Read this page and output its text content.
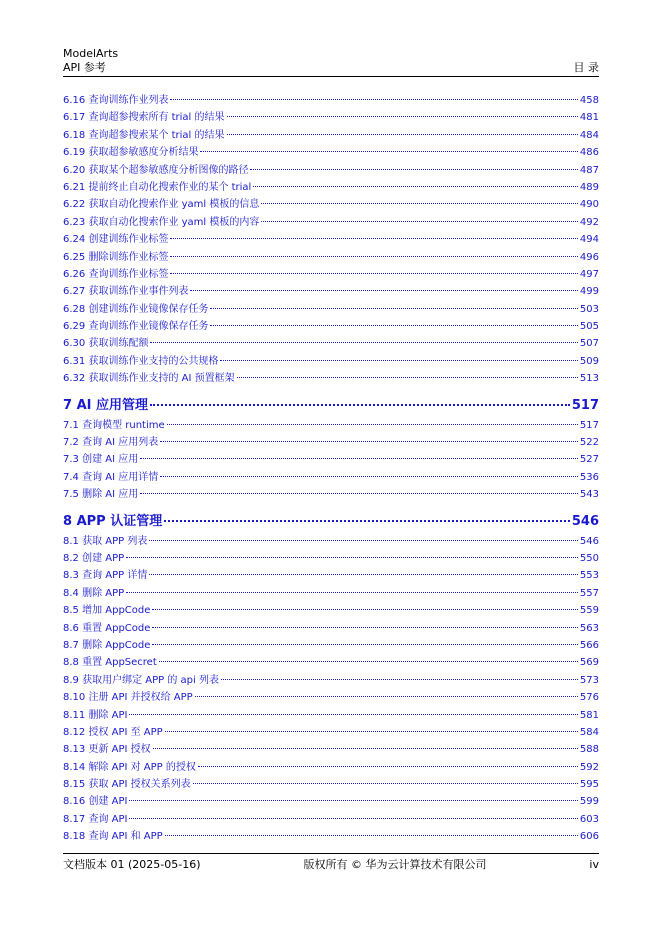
ModelArts
API 参考	目 录
6.16 查询训练作业列表	458
6.17 查询超参搜索所有 trial 的结果	481
6.18 查询超参搜索某个 trial 的结果	484
6.19 获取超参敏感度分析结果	486
6.20 获取某个超参敏感度分析图像的路径	487
6.21 提前终止自动化搜索作业的某个 trial	489
6.22 获取自动化搜索作业 yaml 模板的信息	490
6.23 获取自动化搜索作业 yaml 模板的内容	492
6.24 创建训练作业标签	494
6.25 删除训练作业标签	496
6.26 查询训练作业标签	497
6.27 获取训练作业事件列表	499
6.28 创建训练作业镜像保存任务	503
6.29 查询训练作业镜像保存任务	505
6.30 获取训练配额	507
6.31 获取训练作业支持的公共规格	509
6.32 获取训练作业支持的 AI 预置框架	513
7 AI 应用管理	517
7.1 查询模型 runtime	517
7.2 查询 AI 应用列表	522
7.3 创建 AI 应用	527
7.4 查询 AI 应用详情	536
7.5 删除 AI 应用	543
8 APP 认证管理	546
8.1 获取 APP 列表	546
8.2 创建 APP	550
8.3 查询 APP 详情	553
8.4 删除 APP	557
8.5 增加 AppCode	559
8.6 重置 AppCode	563
8.7 删除 AppCode	566
8.8 重置 AppSecret	569
8.9 获取用户绑定 APP 的 api 列表	573
8.10 注册 API 并授权给 APP	576
8.11 删除 API	581
8.12 授权 API 至 APP	584
8.13 更新 API 授权	588
8.14 解除 API 对 APP 的授权	592
8.15 获取 API 授权关系列表	595
8.16 创建 API	599
8.17 查询 API	603
8.18 查询 API 和 APP	606
文档版本 01 (2025-05-16)	版权所有 © 华为云计算技术有限公司	iv
